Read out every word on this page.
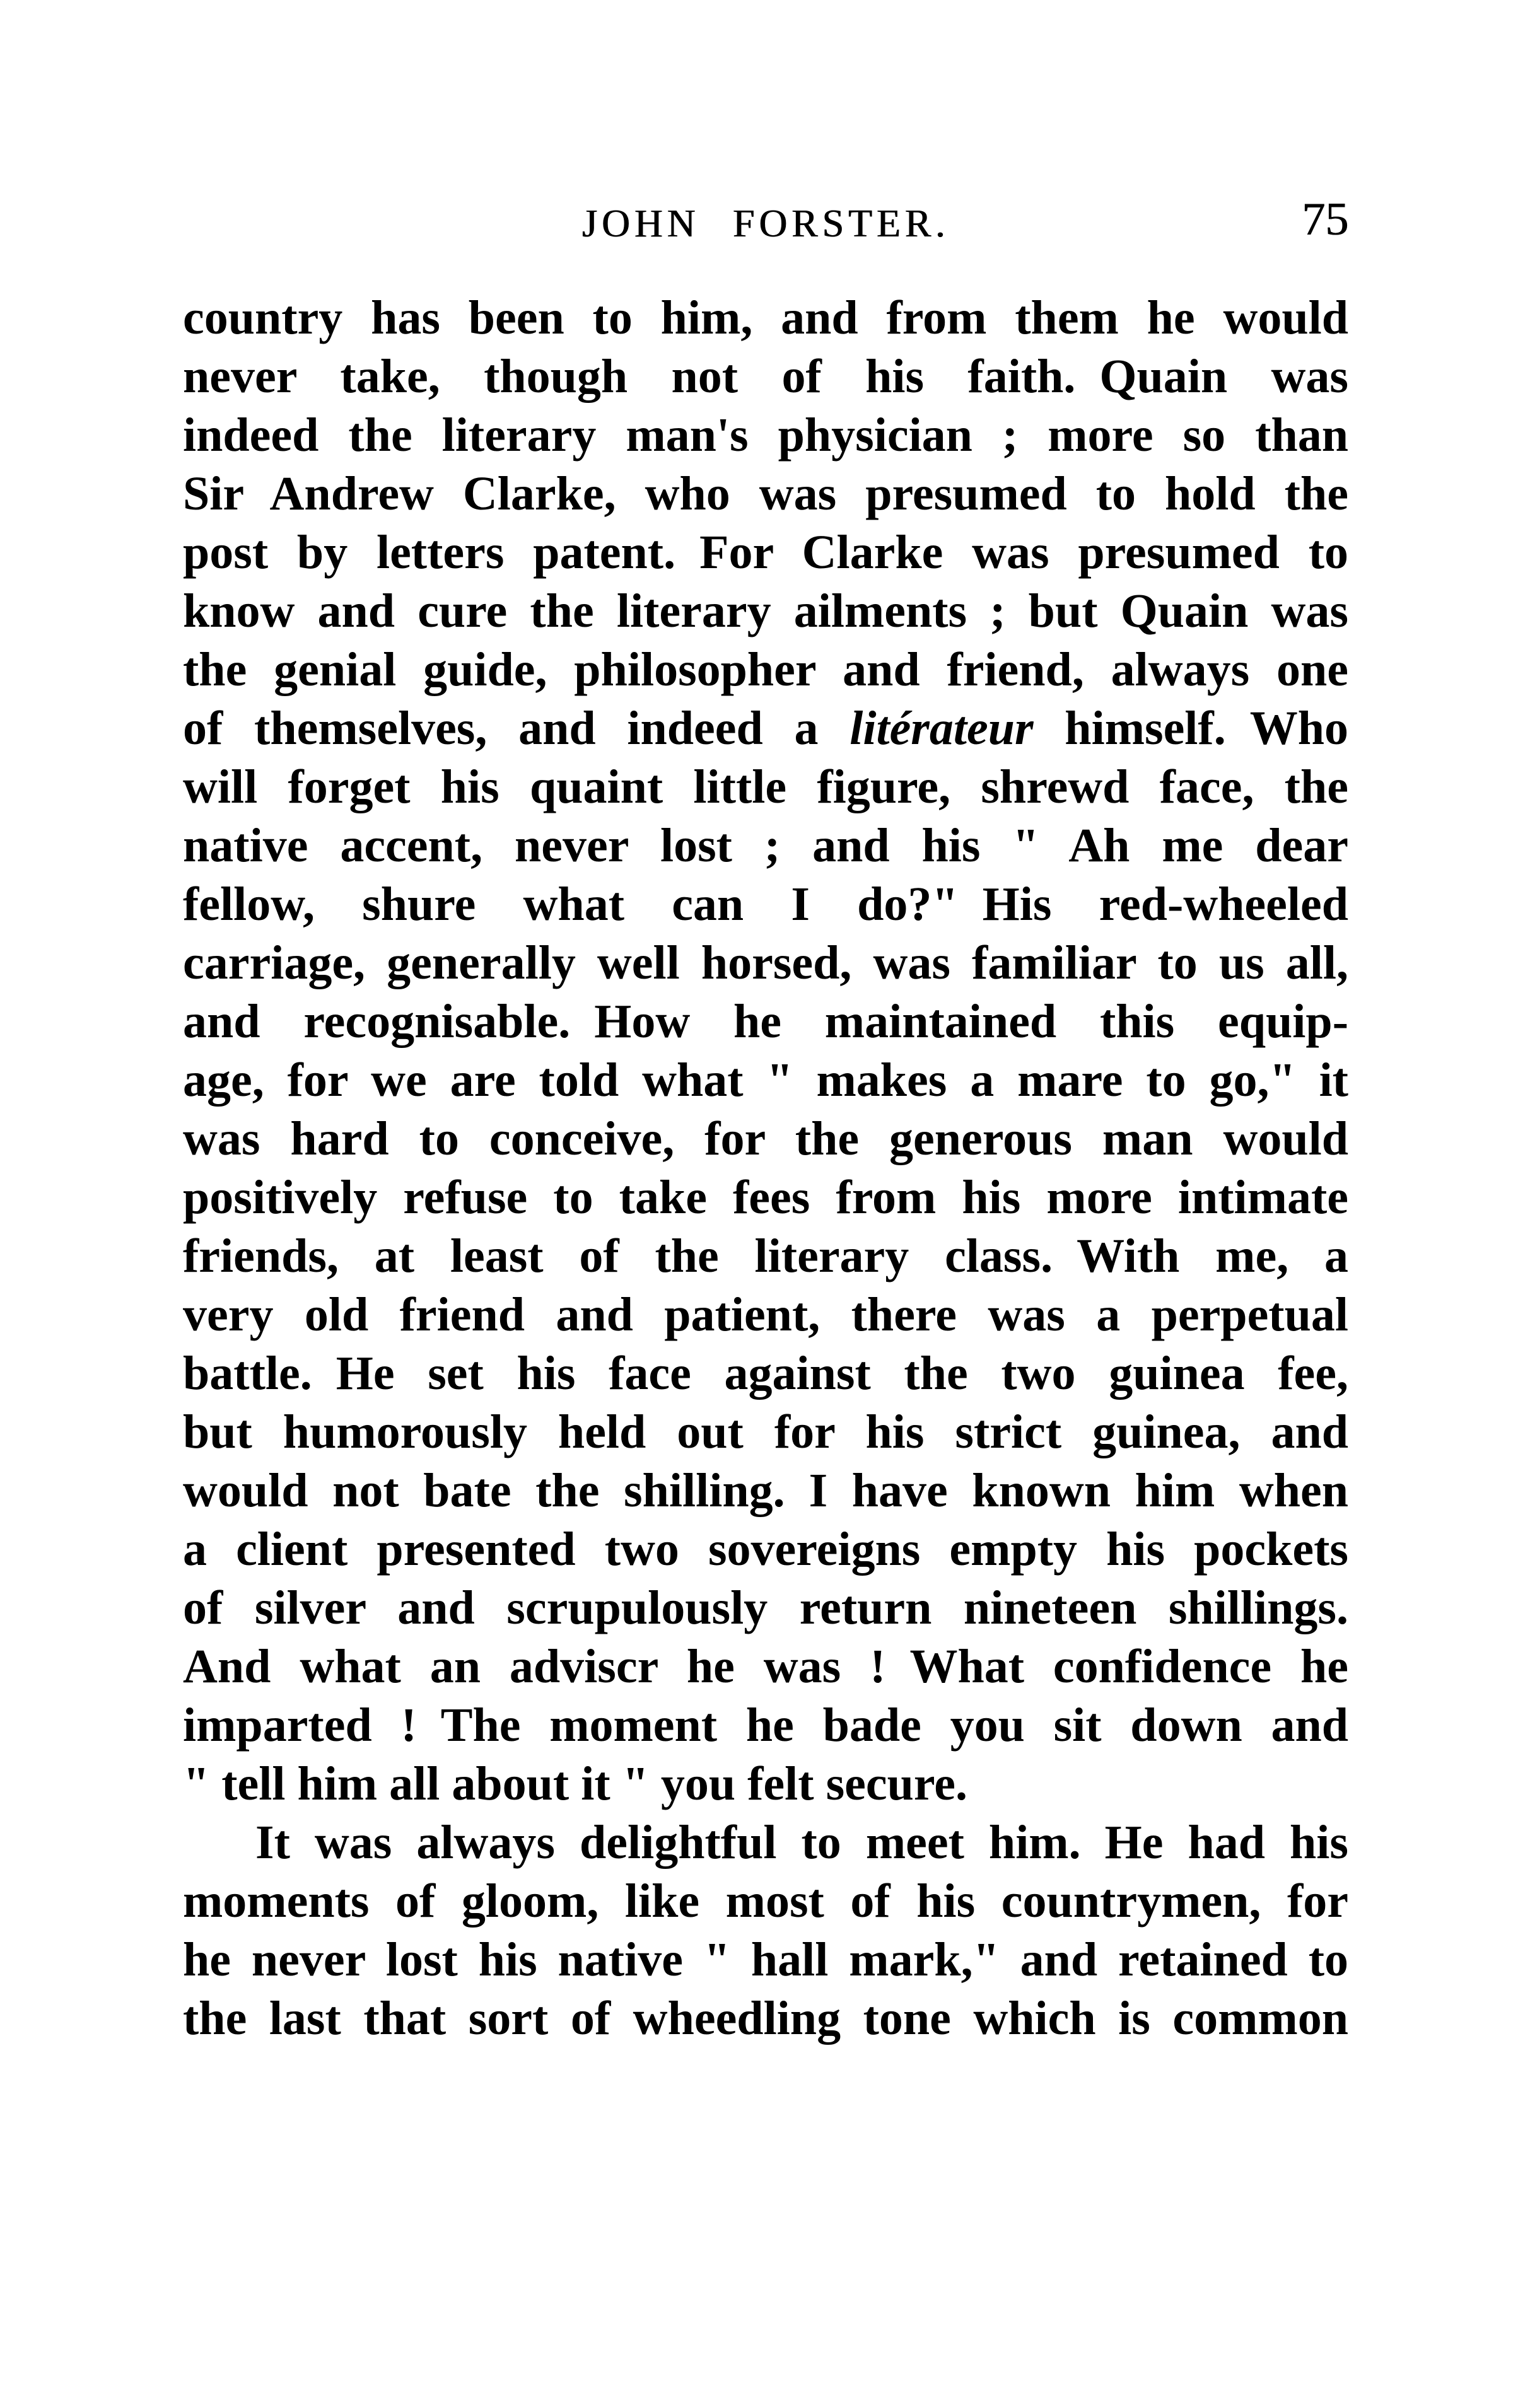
JOHN FORSTER.	75
country has been to him, and from them he would
never take, though not of his faith. Quain was
indeed the literary man's physician ; more so than
Sir Andrew Clarke, who was presumed to hold the
post by letters patent. For Clarke was presumed to
know and cure the literary ailments ; but Quain was
the genial guide, philosopher and friend, always one
of themselves, and indeed a litérateur himself. Who
will forget his quaint little figure, shrewd face, the
native accent, never lost ; and his " Ah me dear
fellow, shure what can I do?" His red-wheeled
carriage, generally well horsed, was familiar to us all,
and recognisable. How he maintained this equip-
age, for we are told what " makes a mare to go," it
was hard to conceive, for the generous man would
positively refuse to take fees from his more intimate
friends, at least of the literary class. With me, a
very old friend and patient, there was a perpetual
battle. He set his face against the two guinea fee,
but humorously held out for his strict guinea, and
would not bate the shilling. I have known him when
a client presented two sovereigns empty his pockets
of silver and scrupulously return nineteen shillings.
And what an adviscr he was ! What confidence he
imparted ! The moment he bade you sit down and
" tell him all about it " you felt secure.
It was always delightful to meet him. He had his
moments of gloom, like most of his countrymen, for
he never lost his native " hall mark," and retained to
the last that sort of wheedling tone which is common
